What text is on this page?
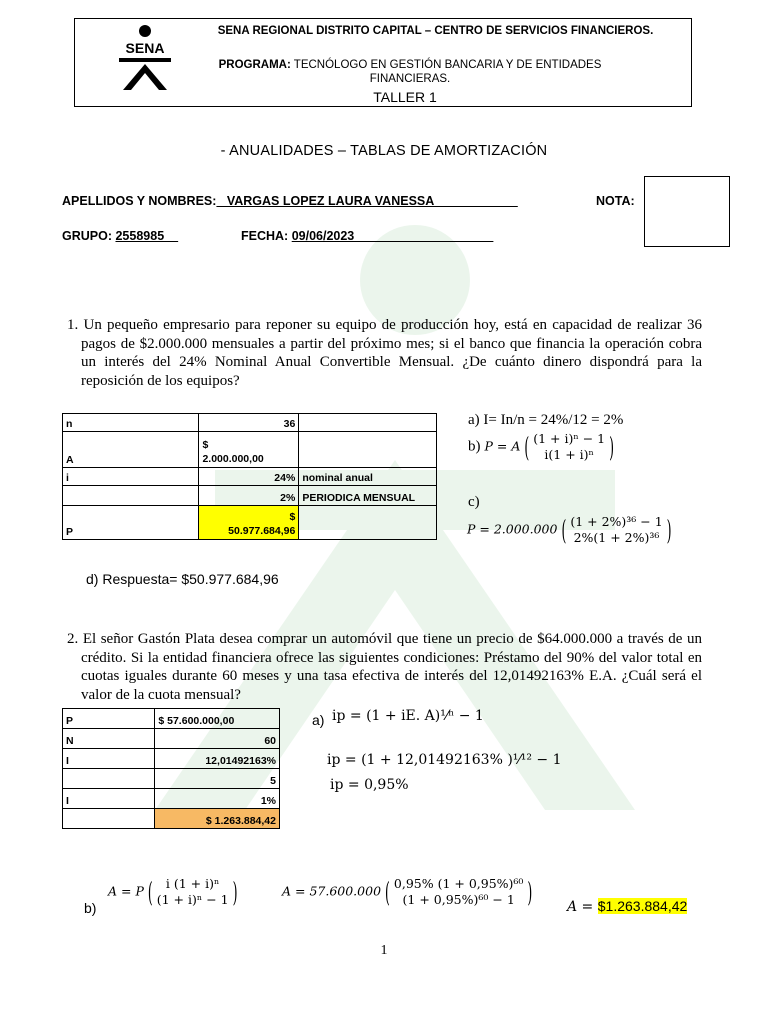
SENA
SENA REGIONAL DISTRITO CAPITAL – CENTRO DE SERVICIOS FINANCIEROS.
PROGRAMA: TECNÓLOGO EN GESTIÓN BANCARIA Y DE ENTIDADES FINANCIERAS.
TALLER 1
- ANUALIDADES – TABLAS DE AMORTIZACIÓN
APELLIDOS Y NOMBRES: _VARGAS LOPEZ LAURA VANESSA____________	NOTA:
GRUPO: 2558985__	FECHA: 09/06/2023____________________
1. Un pequeño empresario para reponer su equipo de producción hoy, está en capacidad de realizar 36 pagos de $2.000.000 mensuales a partir del próximo mes; si el banco que financia la operación cobra un interés del 24% Nominal Anual Convertible Mensual. ¿De cuánto dinero dispondrá para la reposición de los equipos?
n	36	
A	$
2.000.000,00	
i	24%	nominal anual
	2%	PERIODICA MENSUAL
P	$
50.977.684,96	
a) I= In/n = 24%/12 = 2%
b) P = A ( (1 + i)ⁿ − 1
i(1 + i)ⁿ	)
c)
P = 2.000.000 ( (1 + 2%)³⁶ − 1
2%(1 + 2%)³⁶ )
d) Respuesta= $50.977.684,96
2. El señor Gastón Plata desea comprar un automóvil que tiene un precio de $64.000.000 a través de un crédito. Si la entidad financiera ofrece las siguientes condiciones: Préstamo del 90% del valor total en cuotas iguales durante 60 meses y una tasa efectiva de interés del 12,01492163% E.A. ¿Cuál será el valor de la cuota mensual?
P	$ 57.600.000,00
N	60
I	12,01492163%
	5
I	1%
	$ 1.263.884,42
a) ip = (1 + iE. A)¹⁄ⁿ − 1
ip = (1 + 12,01492163% )¹⁄¹² − 1
ip = 0,95%
b)
A = P (	i (1 + i)ⁿ
(1 + i)ⁿ − 1 )	A = 57.600.000 ( 0,95% (1 + 0,95%)⁶⁰
(1 + 0,95%)⁶⁰ − 1	) A = $1.263.884,42
1
